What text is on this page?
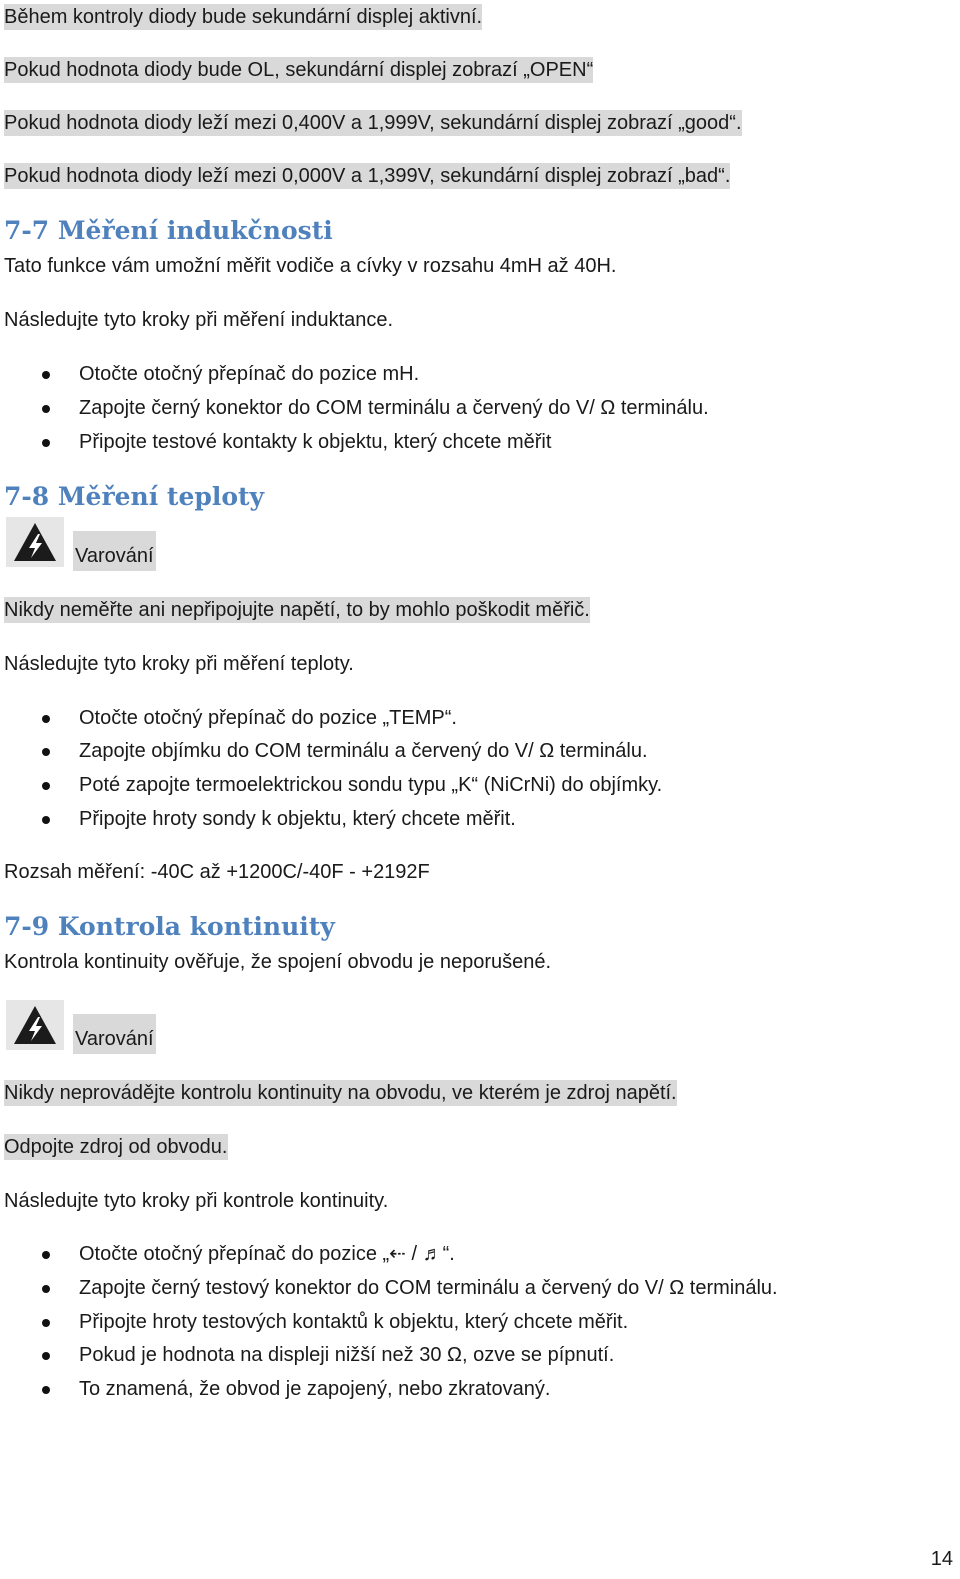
Během kontroly diody bude sekundární displej aktivní.
Pokud hodnota diody bude OL, sekundární displej zobrazí „OPEN“
Pokud hodnota diody leží mezi 0,400V a 1,999V, sekundární displej zobrazí „good“.
Pokud hodnota diody leží mezi 0,000V a 1,399V, sekundární displej zobrazí „bad“.
7-7 Měření indukčnosti
Tato funkce vám umožní měřit vodiče a cívky v rozsahu 4mH až 40H.
Následujte tyto kroky při měření induktance.
Otočte otočný přepínač do pozice mH.
Zapojte černý konektor do COM terminálu a červený do V/ Ω terminálu.
Připojte testové kontakty k objektu, který chcete měřit
7-8 Měření teploty
Varování
Nikdy neměřte ani nepřipojujte napětí, to by mohlo poškodit měřič.
Následujte tyto kroky při měření teploty.
Otočte otočný přepínač do pozice „TEMP“.
Zapojte objímku do COM terminálu a červený do V/ Ω terminálu.
Poté zapojte termoelektrickou sondu typu „K“ (NiCrNi) do objímky.
Připojte hroty sondy k objektu, který chcete měřit.
Rozsah měření: -40C až +1200C/-40F - +2192F
7-9 Kontrola kontinuity
Kontrola kontinuity ověřuje, že spojení obvodu je neporušené.
Varování
Nikdy neprovádějte kontrolu kontinuity na obvodu, ve kterém je zdroj napětí.
Odpojte zdroj od obvodu.
Následujte tyto kroky při kontrole kontinuity.
Otočte otočný přepínač do pozice „⇠ / ♬“.
Zapojte černý testový konektor do COM terminálu a červený do V/ Ω terminálu.
Připojte hroty testových kontaktů k objektu, který chcete měřit.
Pokud je hodnota na displeji nižší než 30 Ω, ozve se pípnutí.
To znamená, že obvod je zapojený, nebo zkratovaný.
14
